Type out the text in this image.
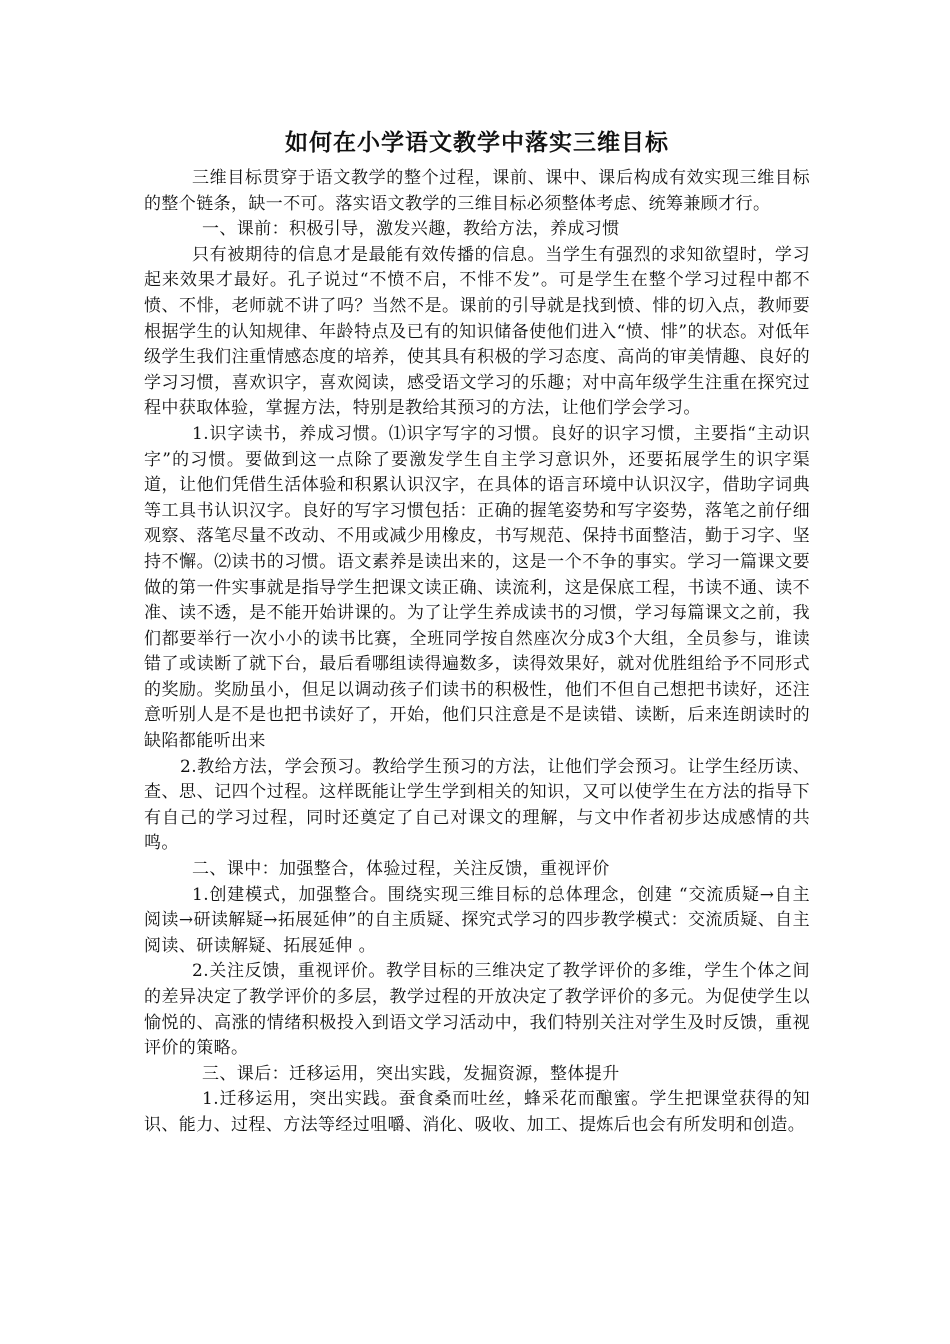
如何在小学语文教学中落实三维目标

三维目标贯穿于语文教学的整个过程，课前、课中、课后构成有效实现三维目标的整个链条，缺一不可。落实语文教学的三维目标必须整体考虑、统筹兼顾才行。

一、课前：积极引导，激发兴趣，教给方法，养成习惯

只有被期待的信息才是最能有效传播的信息。当学生有强烈的求知欲望时，学习起来效果才最好。孔子说过“不愤不启，不悱不发”。可是学生在整个学习过程中都不愤、不悱，老师就不讲了吗？当然不是。课前的引导就是找到愤、悱的切入点，教师要根据学生的认知规律、年龄特点及已有的知识储备使他们进入“愤、悱”的状态。对低年级学生我们注重情感态度的培养，使其具有积极的学习态度、高尚的审美情趣、良好的学习习惯，喜欢识字，喜欢阅读，感受语文学习的乐趣；对中高年级学生注重在探究过程中获取体验，掌握方法，特别是教给其预习的方法，让他们学会学习。

1.识字读书，养成习惯。⑴识字写字的习惯。良好的识字习惯，主要指“主动识字”的习惯。要做到这一点除了要激发学生自主学习意识外，还要拓展学生的识字渠道，让他们凭借生活体验和积累认识汉字，在具体的语言环境中认识汉字，借助字词典等工具书认识汉字。良好的写字习惯包括：正确的握笔姿势和写字姿势，落笔之前仔细观察、落笔尽量不改动、不用或减少用橡皮，书写规范、保持书面整洁，勤于习字、坚持不懈。⑵读书的习惯。语文素养是读出来的，这是一个不争的事实。学习一篇课文要做的第一件实事就是指导学生把课文读正确、读流利，这是保底工程，书读不通、读不准、读不透，是不能开始讲课的。为了让学生养成读书的习惯，学习每篇课文之前，我们都要举行一次小小的读书比赛，全班同学按自然座次分成3个大组，全员参与，谁读错了或读断了就下台，最后看哪组读得遍数多，读得效果好，就对优胜组给予不同形式的奖励。奖励虽小，但足以调动孩子们读书的积极性，他们不但自己想把书读好，还注意听别人是不是也把书读好了，开始，他们只注意是不是读错、读断，后来连朗读时的缺陷都能听出来

2.教给方法，学会预习。教给学生预习的方法，让他们学会预习。让学生经历读、查、思、记四个过程。这样既能让学生学到相关的知识，又可以使学生在方法的指导下有自己的学习过程，同时还奠定了自己对课文的理解，与文中作者初步达成感情的共鸣。

二、课中：加强整合，体验过程，关注反馈，重视评价

1.创建模式，加强整合。围绕实现三维目标的总体理念，创建 “交流质疑→自主阅读→研读解疑→拓展延伸”的自主质疑、探究式学习的四步教学模式：交流质疑、自主阅读、研读解疑、拓展延伸 。

2.关注反馈，重视评价。教学目标的三维决定了教学评价的多维，学生个体之间的差异决定了教学评价的多层，教学过程的开放决定了教学评价的多元。为促使学生以愉悦的、高涨的情绪积极投入到语文学习活动中，我们特别关注对学生及时反馈，重视评价的策略。

三、课后：迁移运用，突出实践，发掘资源，整体提升

1.迁移运用，突出实践。蚕食桑而吐丝，蜂采花而酿蜜。学生把课堂获得的知识、能力、过程、方法等经过咀嚼、消化、吸收、加工、提炼后也会有所发明和创造。
